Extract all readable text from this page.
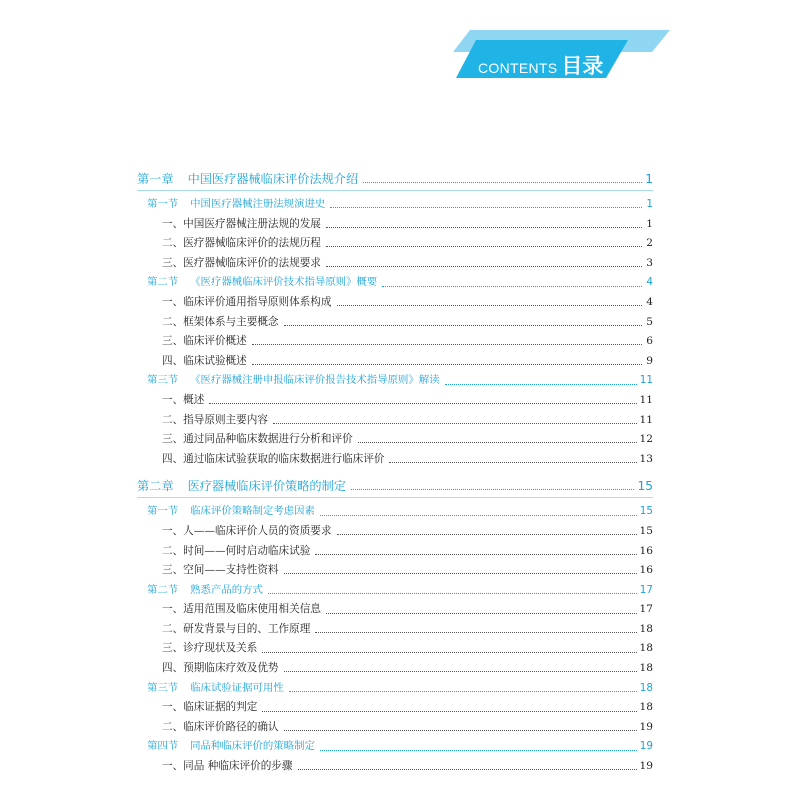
CONTENTS 目录
第一章 中国医疗器械临床评价法规介绍	1
第一节 中国医疗器械注册法规演进史	1
一、中国医疗器械注册法规的发展	1
二、医疗器械临床评价的法规历程	2
三、医疗器械临床评价的法规要求	3
第二节 《医疗器械临床评价技术指导原则》概要	4
一、临床评价通用指导原则体系构成	4
二、框架体系与主要概念	5
三、临床评价概述	6
四、临床试验概述	9
第三节 《医疗器械注册申报临床评价报告技术指导原则》解读	11
一、概述	11
二、指导原则主要内容	11
三、通过同品种临床数据进行分析和评价	12
四、通过临床试验获取的临床数据进行临床评价	13
第二章 医疗器械临床评价策略的制定	15
第一节 临床评价策略制定考虑因素	15
一、人——临床评价人员的资质要求	15
二、时间——何时启动临床试验	16
三、空间——支持性资料	16
第二节 熟悉产品的方式	17
一、适用范围及临床使用相关信息	17
二、研发背景与目的、工作原理	18
三、诊疗现状及关系	18
四、预期临床疗效及优势	18
第三节 临床试验证据可用性	18
一、临床证据的判定	18
二、临床评价路径的确认	19
第四节 同品种临床评价的策略制定	19
一、同品 种临床评价的步骤	19
